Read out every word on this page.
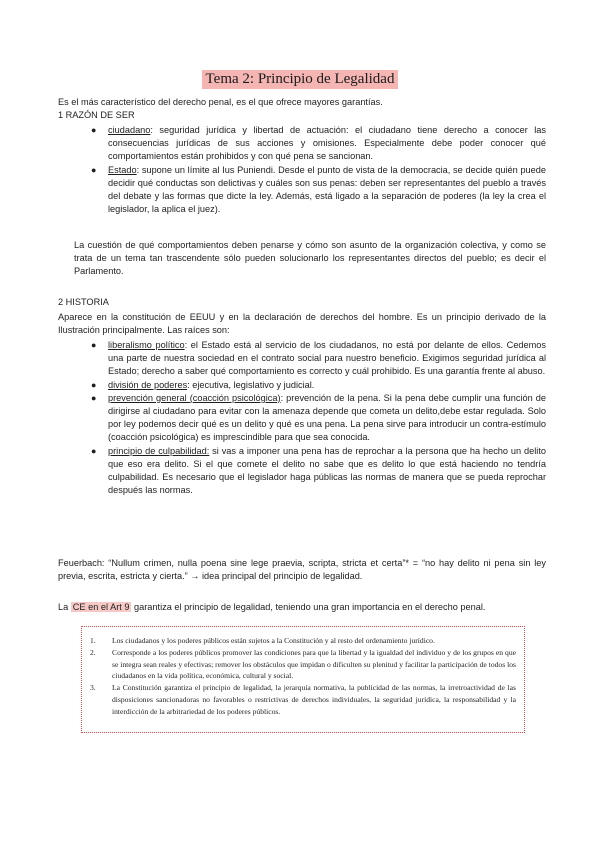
Tema 2: Principio de Legalidad
Es el más característico del derecho penal, es el que ofrece mayores garantías.
1 RAZÓN DE SER
● ciudadano: seguridad jurídica y libertad de actuación: el ciudadano tiene derecho a conocer las consecuencias jurídicas de sus acciones y omisiones. Especialmente debe poder conocer qué comportamientos están prohibidos y con qué pena se sancionan.
● Estado: supone un límite al Ius Puniendi. Desde el punto de vista de la democracia, se decide quién puede decidir qué conductas son delictivas y cuáles son sus penas: deben ser representantes del pueblo a través del debate y las formas que dicte la ley. Además, está ligado a la separación de poderes (la ley la crea el legislador, la aplica el juez).
La cuestión de qué comportamientos deben penarse y cómo son asunto de la organización colectiva, y como se trata de un tema tan trascendente sólo pueden solucionarlo los representantes directos del pueblo; es decir el Parlamento.
2 HISTORIA
Aparece en la constitución de EEUU y en la declaración de derechos del hombre. Es un principio derivado de la Ilustración principalmente. Las raíces son:
● liberalismo político: el Estado está al servicio de los ciudadanos, no está por delante de ellos. Cedemos una parte de nuestra sociedad en el contrato social para nuestro beneficio. Exigimos seguridad jurídica al Estado; derecho a saber qué comportamiento es correcto y cuál prohibido. Es una garantía frente al abuso.
● división de poderes: ejecutiva, legislativo y judicial.
● prevención general (coacción psicológica): prevención de la pena. Si la pena debe cumplir una función de dirigirse al ciudadano para evitar con la amenaza depende que cometa un delito,debe estar regulada. Solo por ley podemos decir qué es un delito y qué es una pena. La pena sirve para introducir un contra-estímulo (coacción psicológica) es imprescindible para que sea conocida.
● principio de culpabilidad: si vas a imponer una pena has de reprochar a la persona que ha hecho un delito que eso era delito. Si el que comete el delito no sabe que es delito lo que está haciendo no tendría culpabilidad. Es necesario que el legislador haga públicas las normas de manera que se pueda reprochar después las normas.
Feuerbach: “Nullum crimen, nulla poena sine lege praevia, scripta, stricta et certa”* = “no hay delito ni pena sin ley previa, escrita, estricta y cierta.” → idea principal del principio de legalidad.
La CE en el Art 9 garantiza el principio de legalidad, teniendo una gran importancia en el derecho penal.
1. Los ciudadanos y los poderes públicos están sujetos a la Constitución y al resto del ordenamiento jurídico.
2. Corresponde a los poderes públicos promover las condiciones para que la libertad y la igualdad del individuo y de los grupos en que se integra sean reales y efectivas; remover los obstáculos que impidan o dificulten su plenitud y facilitar la participación de todos los ciudadanos en la vida política, económica, cultural y social.
3. La Constitución garantiza el principio de legalidad, la jerarquía normativa, la publicidad de las normas, la irretroactividad de las disposiciones sancionadoras no favorables o restrictivas de derechos individuales, la seguridad jurídica, la responsabilidad y la interdicción de la arbitrariedad de los poderes públicos.
